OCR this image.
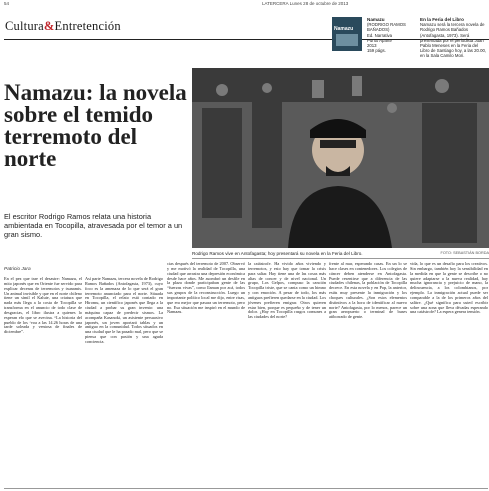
54	LATERCERA Lunes 28 de octubre de 2013
Cultura&Entretención	Namazu
Namazu
(RODRIGO RAMOS
BAÑADOS)
Ed. Narrativa
Punto Aparte
2013
159 págs.
En la Feria del Libro
Namazu será la tercera novela de Rodrigo Ramos Bañados (Antofagasta, 1973). Será presentada por el periodista Juan Pablo Meneses en la Feria del Libro de Santiago hoy, a las 20.00, en la Sala Camilo Mori.
Namazu: la novela sobre el temido terremoto del norte
El escritor Rodrigo Ramos relata una historia ambientada en Tocopilla, atravesada por el temor a un gran sismo.
Rodrigo Ramos vive en Antofagasta; hoy presentará su novela en la Feria del Libro.	FOTO: SEBASTIÁN BORDA
Patricio Jara

En el pez que trae el desastre: Namazu, el mito japonés que en Oriente fue servido para explicar decenas de terremotos y tsunamis. Un animal invisible y que en el norte chileno tiene un símil el Kaluie, una criatura que nada más llega a la costa de Tocopilla se transforma en el anuncio de todo clase de desgracias, el libro ilustra a quienes lo esperan elo que se avecina. “La historia del pueblo de los ‘voa a las 14.26 horas de una tarde soleada y ventosa de finales de diciembre”.

Así parte Namazu, tercera novela de Rodrigo Ramos Bañados (Antofagasta, 1973), cuyo foco es la amenaza de lo que será el gran terremoto anunciado para el norte. Situada en Tocopilla, el relato está contado en Hiromu, un científico japonés que llega a la ciudad a probar su gran invento: una máquina capaz de predecir sismos. La acompaña Kasanoki, un asistente persuasivo japonés, un joven aportará tablas y un antiguo en la comunidad. Todos situados en una ciudad que le ha pasado mal, pero que se piensa que con pasión y una aguda conciencia.

cias después del terremoto de 2007. Observó y me motivó la realidad de Tocopilla, una ciudad que arrastra una depresión económica desde hace años. Me asombró un desfile en la plaza donde participaban gente de las “fuerzas vivas”, como llaman por acá, todos sus grupos de la reconstrucción. Luego un importante político local me dijo, entre risas, que era mejor que pasara un terremoto, pero no. Esa situación me inspiró en el mundo de Namazu.

la catástrofe. Ha vivido años viviendo y terremotos, y esto hay que tomar la crisis para saltar. Hay tiene una de las cosas más altas de concer y de nivel nacional. Un grupo, Los Gelpos, compuso la canción Tocopilla triste, que se canta como un himno y con emoción. A pesar de todo, los más antiguos prefieren quedarse en la ciudad. Los jóvenes prefieren emigrar. Otros quieren estar bien, porque es pequeño y de tener un dolor. ¿Hay en Tocopilla rasgos comunes a las ciudades del norte?

frente al mar, esperando casas. En un lo se hace clases en contenedores. Los colegios de cáncer deben atenderse en Antofagasta. Puede resentirse que a diferencia de las ciudades chilenas, la población de Tocopilla decrece. En esta novela y en Pop, la anterior, estás muy presente la inmigración y los choques culturales. ¿Son estos elementos distintivos a la hora de identificar al nuevo norte? Antofagasta, por lo menos, parece un gran aeropuerto o terminal de buses atiborrado de gente.

vida, lo que es un desafío para los creativos. Sin embargo, también hoy la sensibilidad en la medida en que la gente se describe o no quiere adaptarse a la nueva realidad, hay mucha ignorancia y prejuicio de mano, la delincuencia, a los colombianos, por ejemplo. La inmigración actual puede ser comparable a la de los primeros años del salitre. ¿Qué significa para usted escribir sobre una zona que lleva décadas esperando una catástrofe? La espera genera tensión.
